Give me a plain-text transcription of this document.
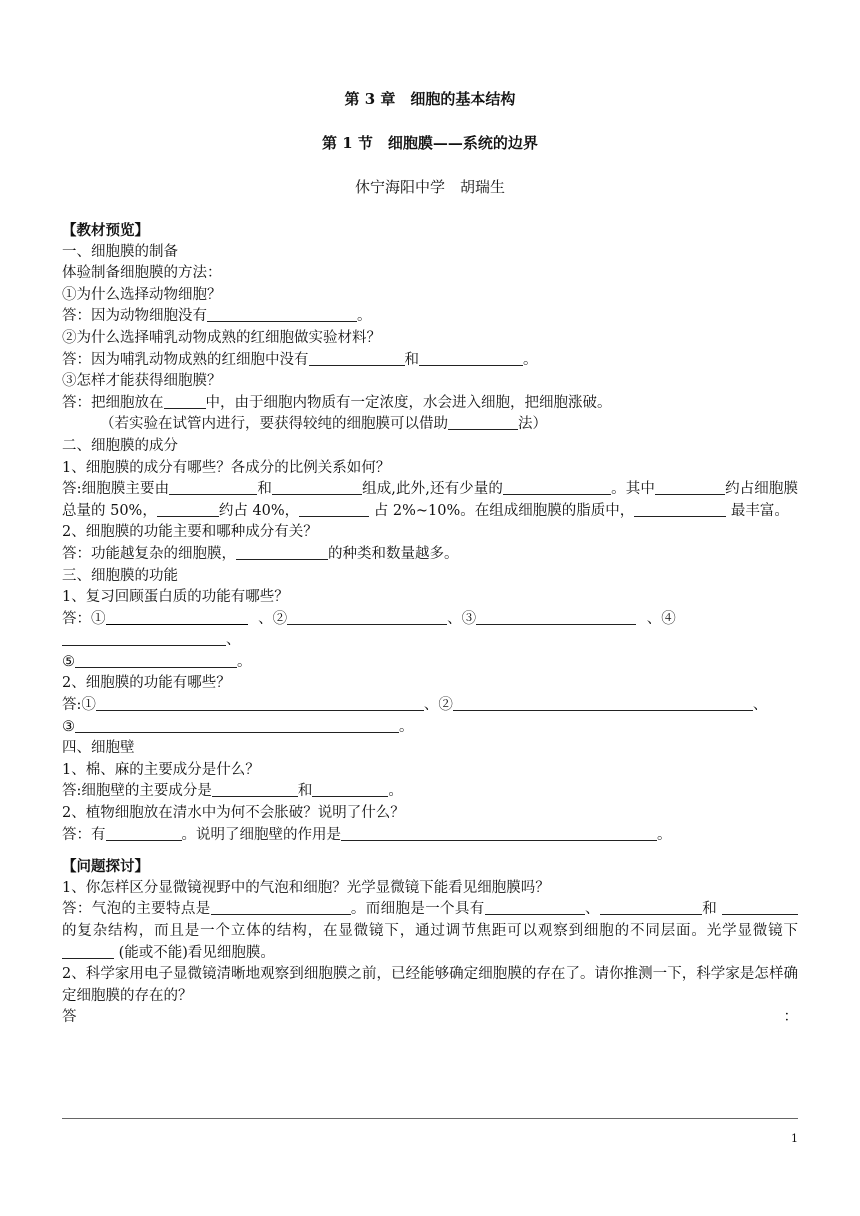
第 3 章　细胞的基本结构
第 1 节　细胞膜——系统的边界
休宁海阳中学　胡瑞生
【教材预览】
一、细胞膜的制备
体验制备细胞膜的方法：
①为什么选择动物细胞？
答：因为动物细胞没有	。
②为什么选择哺乳动物成熟的红细胞做实验材料？
答：因为哺乳动物成熟的红细胞中没有	和	。
③怎样才能获得细胞膜？
答：把细胞放在	中，由于细胞内物质有一定浓度，水会进入细胞，把细胞涨破。
（若实验在试管内进行，要获得较纯的细胞膜可以借助	法）
二、细胞膜的成分
1、细胞膜的成分有哪些？各成分的比例关系如何？
答:细胞膜主要由	和	组成,此外,还有少量的	。其中	约占细胞膜总量的 50%，	约占 40%，	占 2%~10%。在组成细胞膜的脂质中，	最丰富。
2、细胞膜的功能主要和哪种成分有关？
答：功能越复杂的细胞膜，	的种类和数量越多。
三、细胞膜的功能
1、复习回顾蛋白质的功能有哪些？
答：①	、②	、③	、④
、
⑤	。
2、细胞膜的功能有哪些？
答:①	、②	、
③	。
四、细胞壁
1、棉、麻的主要成分是什么？
答:细胞壁的主要成分是	和	。
2、植物细胞放在清水中为何不会胀破？说明了什么？
答：有	。说明了细胞壁的作用是	。
【问题探讨】
1、你怎样区分显微镜视野中的气泡和细胞？光学显微镜下能看见细胞膜吗？
答：气泡的主要特点是	。而细胞是一个具有	、	和 的复杂结构，而且是一个立体的结构，在显微镜下，通过调节焦距可以观察到细胞的不同层面。光学显微镜下 (能或不能)看见细胞膜。
2、科学家用电子显微镜清晰地观察到细胞膜之前，已经能够确定细胞膜的存在了。请你推测一下，科学家是怎样确定细胞膜的存在的？
答	：
1
